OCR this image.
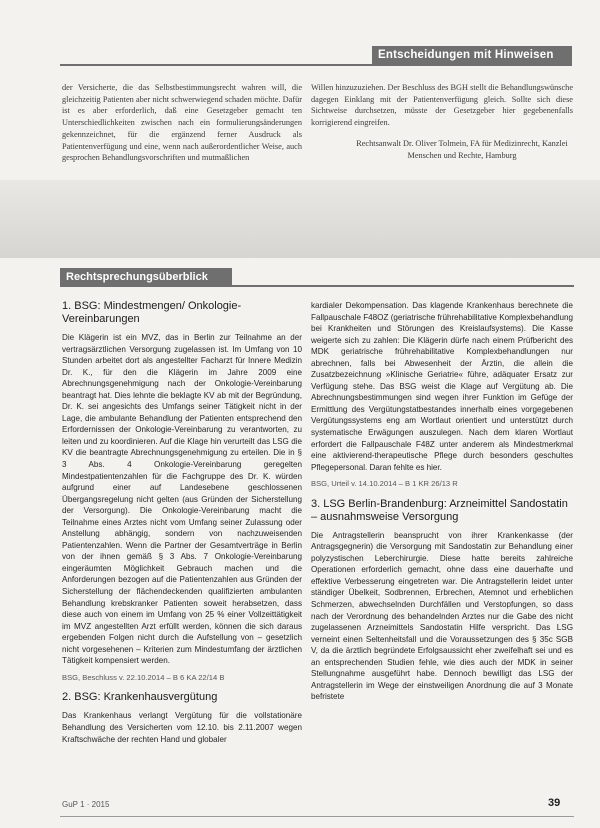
Entscheidungen mit Hinweisen

der Versicherte, die das Selbstbestimmungsrecht wahren will, die gleichzeitig Patienten aber nicht schwerwiegend schaden möchte. Dafür ist es aber erforderlich, daß eine Gesetzgeber gemacht ten Unterschiedlichkeiten zwischen nach ein formulierungsänderungen gekennzeichnet, für die ergänzend ferner Ausdruck als Patientenverfügung und eine, wenn nach außerordentlicher Weise, auch gesprochen Behandlungsvorschriften und mutmaßlichen

Willen hinzuzuziehen. Der Beschluss des BGH stellt die Behandlungswünsche dagegen Einklang mit der Patientenverfügung gleich. Sollte sich diese Sichtweise durchsetzen, müsste der Gesetzgeber hier gegebenenfalls korrigierend eingreifen.

Rechtsanwalt Dr. Oliver Tolmein, FA für Medizinrecht, Kanzlei Menschen und Rechte, Hamburg

Rechtsprechungsüberblick
1. BSG: Mindestmengen/ Onkologie-Vereinbarungen

Die Klägerin ist ein MVZ, das in Berlin zur Teilnahme an der vertragsärztlichen Versorgung zugelassen ist. Im Umfang von 10 Stunden arbeitet dort als angestellter Facharzt für Innere Medizin Dr. K., für den die Klägerin im Jahre 2009 eine Abrechnungsgenehmigung nach der Onkologie-Vereinbarung beantragt hat. Dies lehnte die beklagte KV ab mit der Begründung, Dr. K. sei angesichts des Umfangs seiner Tätigkeit nicht in der Lage, die ambulante Behandlung der Patienten entsprechend den Erfordernissen der Onkologie-Vereinbarung zu verantworten, zu leiten und zu koordinieren. Auf die Klage hin verurteilt das LSG die KV die beantragte Abrechnungsgenehmigung zu erteilen. Die in § 3 Abs. 4 Onkologie-Vereinbarung geregelten Mindestpatientenzahlen für die Fachgruppe des Dr. K. würden aufgrund einer auf Landesebene geschlossenen Übergangsregelung nicht gelten (aus Gründen der Sicherstellung der Versorgung). Die Onkologie-Vereinbarung macht die Teilnahme eines Arztes nicht vom Umfang seiner Zulassung oder Anstellung abhängig, sondern von nachzuweisenden Patientenzahlen. Wenn die Partner der Gesamtverträge in Berlin von der ihnen gemäß § 3 Abs. 7 Onkologie-Vereinbarung eingeräumten Möglichkeit Gebrauch machen und die Anforderungen bezogen auf die Patientenzahlen aus Gründen der Sicherstellung der flächendeckenden qualifizierten ambulanten Behandlung krebskranker Patienten soweit herabsetzen, dass diese auch von einem im Umfang von 25 % einer Vollzeittätigkeit im MVZ angestellten Arzt erfüllt werden, können die sich daraus ergebenden Folgen nicht durch die Aufstellung von – gesetzlich nicht vorgesehenen – Kriterien zum Mindestumfang der ärztlichen Tätigkeit kompensiert werden.

BSG, Beschluss v. 22.10.2014 – B 6 KA 22/14 B

2. BSG: Krankenhausvergütung

Das Krankenhaus verlangt Vergütung für die vollstationäre Behandlung des Versicherten vom 12.10. bis 2.11.2007 wegen Kraftschwäche der rechten Hand und globaler

kardialer Dekompensation. Das klagende Krankenhaus berechnete die Fallpauschale F48OZ (geriatrische frührehabilitative Komplexbehandlung bei Krankheiten und Störungen des Kreislaufsystems). Die Kasse weigerte sich zu zahlen: Die Klägerin dürfe nach einem Prüfbericht des MDK geriatrische frührehabilitative Komplexbehandlungen nur abrechnen, falls bei Abwesenheit der Ärztin, die allein die Zusatzbezeichnung »Klinische Geriatrie« führe, adäquater Ersatz zur Verfügung stehe. Das BSG weist die Klage auf Vergütung ab. Die Abrechnungsbestimmungen sind wegen ihrer Funktion im Gefüge der Ermittlung des Vergütungstatbestandes innerhalb eines vorgegebenen Vergütungssystems eng am Wortlaut orientiert und unterstützt durch systematische Erwägungen auszulegen. Nach dem klaren Wortlaut erfordert die Fallpauschale F48Z unter anderem als Mindestmerkmal eine aktivierend-therapeutische Pflege durch besonders geschultes Pflegepersonal. Daran fehlte es hier.

BSG, Urteil v. 14.10.2014 – B 1 KR 26/13 R

3. LSG Berlin-Brandenburg: Arzneimittel Sandostatin – ausnahmsweise Versorgung

Die Antragstellerin beansprucht von ihrer Krankenkasse (der Antragsgegnerin) die Versorgung mit Sandostatin zur Behandlung einer polyzystischen Leberchirurgie. Diese hatte bereits zahlreiche Operationen erforderlich gemacht, ohne dass eine dauerhafte und effektive Verbesserung eingetreten war. Die Antragstellerin leidet unter ständiger Übelkeit, Sodbrennen, Erbrechen, Atemnot und erheblichen Schmerzen, abwechselnden Durchfällen und Verstopfungen, so dass nach der Verordnung des behandelnden Arztes nur die Gabe des nicht zugelassenen Arzneimittels Sandostatin Hilfe verspricht. Das LSG verneint einen Seltenheitsfall und die Voraussetzungen des § 35c SGB V, da die ärztlich begründete Erfolgsaussicht eher zweifelhaft sei und es an entsprechenden Studien fehle, wie dies auch der MDK in seiner Stellungnahme ausgeführt habe. Dennoch bewilligt das LSG der Antragstellerin im Wege der einstweiligen Anordnung die auf 3 Monate befristete

GuP 1 · 2015	39
